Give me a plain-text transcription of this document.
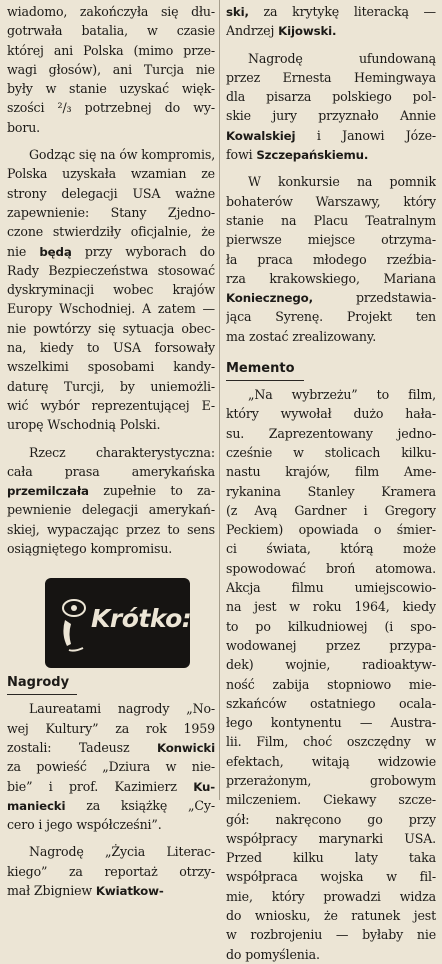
wiadomo, zakończyła się dłu-
gotrwała batalia, w czasie
której ani Polska (mimo prze-
wagi głosów), ani Turcja nie
były w stanie uzyskać więk-
szości ²/₃ potrzebnej do wy-
boru.
Godząc się na ów kompromis,
Polska uzyskała wzamian ze
strony delegacji USA ważne
zapewnienie: Stany Zjedno-
czone stwierdziły oficjalnie, że
nie będą przy wyborach do
Rady Bezpieczeństwa stosować
dyskryminacji wobec krajów
Europy Wschodniej. A zatem —
nie powtórzy się sytuacja obec-
na, kiedy to USA forsowały
wszelkimi sposobami kandy-
daturę Turcji, by uniemożli-
wić wybór reprezentującej E-
uropę Wschodnią Polski.
Rzecz charakterystyczna:
cała prasa amerykańska
przemilczała zupełnie to za-
pewnienie delegacji amerykań-
skiej, wypaczając przez to sens
osiągniętego kompromisu.
Krótko:
Nagrody
Laureatami nagrody „No-
wej Kultury” za rok 1959
zostali: Tadeusz Konwicki
za powieść „Dziura w nie-
bie” i prof. Kazimierz Ku-
maniecki za książkę „Cy-
cero i jego współcześni”.
Nagrodę „Życia Literac-
kiego” za reportaż otrzy-
mał Zbigniew Kwiatkow-
ski, za krytykę literacką —
Andrzej Kijowski.
Nagrodę ufundowaną
przez Ernesta Hemingwaya
dla pisarza polskiego pol-
skie jury przyznało Annie
Kowalskiej i Janowi Józe-
fowi Szczepańskiemu.
W konkursie na pomnik
bohaterów Warszawy, który
stanie na Placu Teatralnym
pierwsze miejsce otrzyma-
ła praca młodego rzeźbia-
rza krakowskiego, Mariana
Koniecznego, przedstawia-
jąca Syrenę. Projekt ten
ma zostać zrealizowany.
Memento
„Na wybrzeżu” to film,
który wywołał dużo hała-
su. Zaprezentowany jedno-
cześnie w stolicach kilku-
nastu krajów, film Ame-
rykanina Stanley Kramera
(z Avą Gardner i Gregory
Peckiem) opowiada o śmier-
ci świata, którą może
spowodować broń atomowa.
Akcja filmu umiejscowio-
na jest w roku 1964, kiedy
to po kilkudniowej (i spo-
wodowanej przez przypa-
dek) wojnie, radioaktyw-
ność zabija stopniowo mie-
szkańców ostatniego ocala-
łego kontynentu — Austra-
lii. Film, choć oszczędny w
efektach, witają widzowie
przerażonym, grobowym
milczeniem. Ciekawy szcze-
gół: nakręcono go przy
współpracy marynarki USA.
Przed kilku laty taka
współpraca wojska w fil-
mie, który prowadzi widza
do wniosku, że ratunek jest
w rozbrojeniu — byłaby nie
do pomyślenia.
